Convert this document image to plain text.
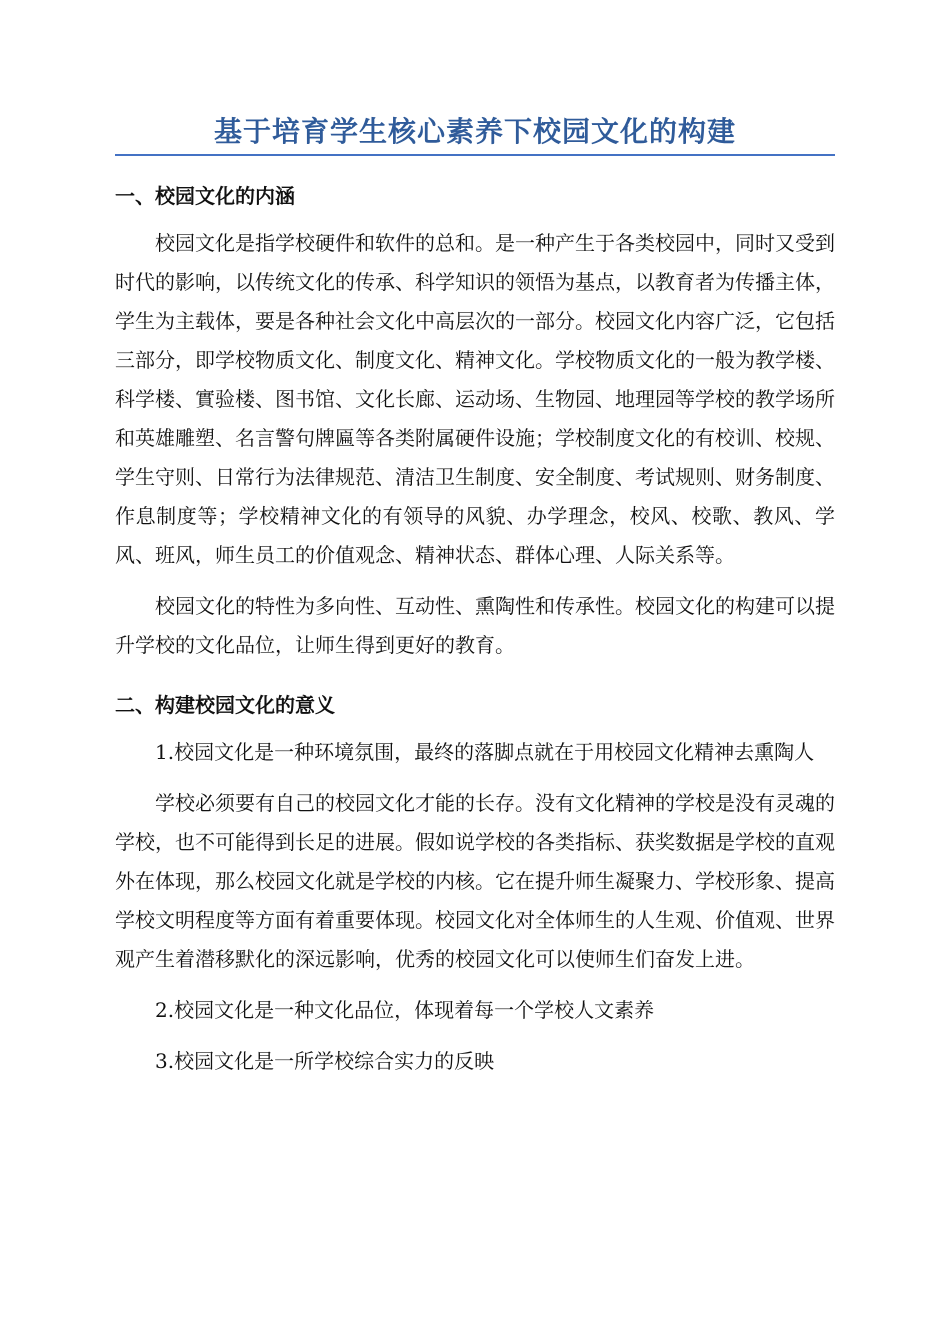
基于培育学生核心素养下校园文化的构建
一、校园文化的内涵

校园文化是指学校硬件和软件的总和。是一种产生于各类校园中，同时又受到时代的影响，以传统文化的传承、科学知识的领悟为基点，以教育者为传播主体，学生为主载体，要是各种社会文化中高层次的一部分。校园文化内容广泛，它包括三部分，即学校物质文化、制度文化、精神文化。学校物质文化的一般为教学楼、科学楼、實验楼、图书馆、文化长廊、运动场、生物园、地理园等学校的教学场所和英雄雕塑、名言警句牌匾等各类附属硬件设施；学校制度文化的有校训、校规、学生守则、日常行为法律规范、清洁卫生制度、安全制度、考试规则、财务制度、作息制度等；学校精神文化的有领导的风貌、办学理念，校风、校歌、教风、学风、班风，师生员工的价值观念、精神状态、群体心理、人际关系等。

校园文化的特性为多向性、互动性、熏陶性和传承性。校园文化的构建可以提升学校的文化品位，让师生得到更好的教育。

二、构建校园文化的意义

1.校园文化是一种环境氛围，最终的落脚点就在于用校园文化精神去熏陶人

学校必须要有自己的校园文化才能的长存。没有文化精神的学校是没有灵魂的学校，也不可能得到长足的进展。假如说学校的各类指标、获奖数据是学校的直观外在体现，那么校园文化就是学校的内核。它在提升师生凝聚力、学校形象、提高学校文明程度等方面有着重要体现。校园文化对全体师生的人生观、价值观、世界观产生着潜移默化的深远影响，优秀的校园文化可以使师生们奋发上进。

2.校园文化是一种文化品位，体现着每一个学校人文素养

3.校园文化是一所学校综合实力的反映
